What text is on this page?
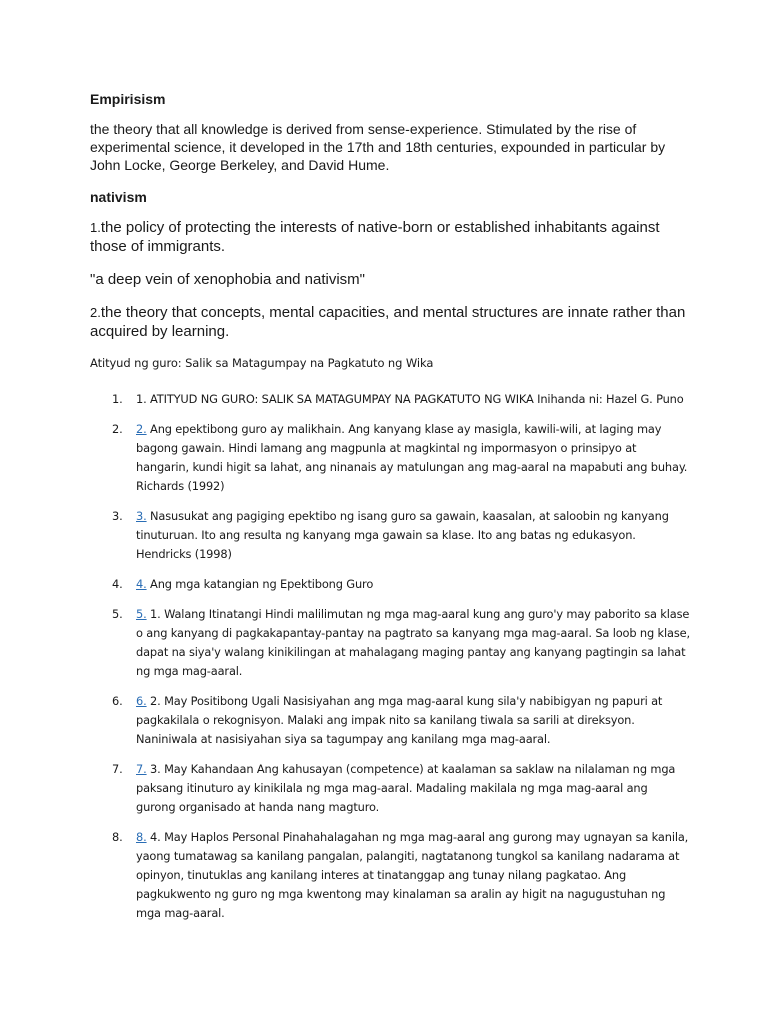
Empirisism

the theory that all knowledge is derived from sense-experience. Stimulated by the rise of experimental science, it developed in the 17th and 18th centuries, expounded in particular by John Locke, George Berkeley, and David Hume.

nativism

1.the policy of protecting the interests of native-born or established inhabitants against those of immigrants.

"a deep vein of xenophobia and nativism"

2.the theory that concepts, mental capacities, and mental structures are innate rather than acquired by learning.

Atityud ng guro: Salik sa Matagumpay na Pagkatuto ng Wika

1. 1. ATITYUD NG GURO: SALIK SA MATAGUMPAY NA PAGKATUTO NG WIKA Inihanda ni: Hazel G. Puno
2. 2. Ang epektibong guro ay malikhain. Ang kanyang klase ay masigla, kawili-wili, at laging may bagong gawain. Hindi lamang ang magpunla at magkintal ng impormasyon o prinsipyo at hangarin, kundi higit sa lahat, ang ninanais ay matulungan ang mag-aaral na mapabuti ang buhay. Richards (1992)
3. 3. Nasusukat ang pagiging epektibo ng isang guro sa gawain, kaasalan, at saloobin ng kanyang tinuturuan. Ito ang resulta ng kanyang mga gawain sa klase. Ito ang batas ng edukasyon. Hendricks (1998)
4. 4. Ang mga katangian ng Epektibong Guro
5. 5. 1. Walang Itinatangi Hindi malilimutan ng mga mag-aaral kung ang guro'y may paborito sa klase o ang kanyang di pagkakapantay-pantay na pagtrato sa kanyang mga mag-aaral. Sa loob ng klase, dapat na siya'y walang kinikilingan at mahalagang maging pantay ang kanyang pagtingin sa lahat ng mga mag-aaral.
6. 6. 2. May Positibong Ugali Nasisiyahan ang mga mag-aaral kung sila'y nabibigyan ng papuri at pagkakilala o rekognisyon. Malaki ang impak nito sa kanilang tiwala sa sarili at direksyon. Naniniwala at nasisiyahan siya sa tagumpay ang kanilang mga mag-aaral.
7. 7. 3. May Kahandaan Ang kahusayan (competence) at kaalaman sa saklaw na nilalaman ng mga paksang itinuturo ay kinikilala ng mga mag-aaral. Madaling makilala ng mga mag-aaral ang gurong organisado at handa nang magturo.
8. 8. 4. May Haplos Personal Pinahahalagahan ng mga mag-aaral ang gurong may ugnayan sa kanila, yaong tumatawag sa kanilang pangalan, palangiti, nagtatanong tungkol sa kanilang nadarama at opinyon, tinutuklas ang kanilang interes at tinatanggap ang tunay nilang pagkatao. Ang pagkukwento ng guro ng mga kwentong may kinalaman sa aralin ay higit na nagugustuhan ng mga mag-aaral.
